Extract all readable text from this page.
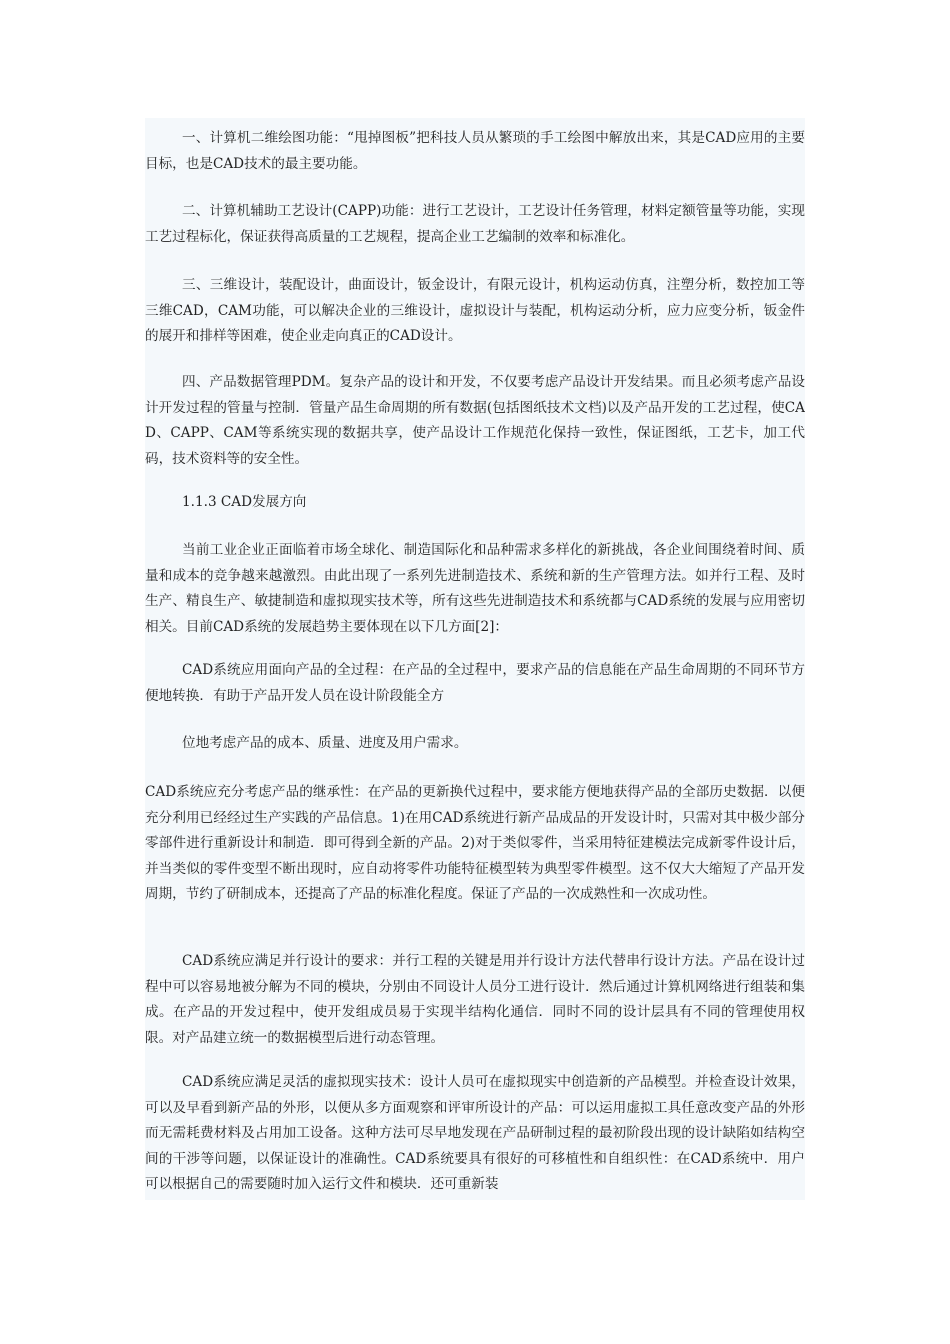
一、计算机二维绘图功能：“甩掉图板”把科技人员从繁琐的手工绘图中解放出来，其是CAD应用的主要目标，也是CAD技术的最主要功能。

二、计算机辅助工艺设计(CAPP)功能：进行工艺设计，工艺设计任务管理，材料定额管量等功能，实现工艺过程标化，保证获得高质量的工艺规程，提高企业工艺编制的效率和标准化。

三、三维设计，装配设计，曲面设计，钣金设计，有限元设计，机构运动仿真，注塑分析，数控加工等三维CAD，CAM功能，可以解决企业的三维设计，虚拟设计与装配，机构运动分析，应力应变分析，钣金件的展开和排样等困难，使企业走向真正的CAD设计。

四、产品数据管理PDM。复杂产品的设计和开发，不仅要考虑产品设计开发结果。而且必须考虑产品设计开发过程的管量与控制．管量产品生命周期的所有数据(包括图纸技术文档)以及产品开发的工艺过程，使CAD、CAPP、CAM等系统实现的数据共享，使产品设计工作规范化保持一致性，保证图纸，工艺卡，加工代码，技术资料等的安全性。

1.1.3 CAD发展方向

当前工业企业正面临着市场全球化、制造国际化和品种需求多样化的新挑战，各企业间围绕着时间、质量和成本的竞争越来越激烈。由此出现了一系列先进制造技术、系统和新的生产管理方法。如并行工程、及时生产、精良生产、敏捷制造和虚拟现实技术等，所有这些先进制造技术和系统都与CAD系统的发展与应用密切相关。目前CAD系统的发展趋势主要体现在以下几方面[2]：

CAD系统应用面向产品的全过程：在产品的全过程中，要求产品的信息能在产品生命周期的不同环节方便地转换．有助于产品开发人员在设计阶段能全方

位地考虑产品的成本、质量、进度及用户需求。

CAD系统应充分考虑产品的继承性：在产品的更新换代过程中，要求能方便地获得产品的全部历史数据．以便充分利用已经经过生产实践的产品信息。1)在用CAD系统进行新产品成品的开发设计时，只需对其中极少部分零部件进行重新设计和制造．即可得到全新的产品。2)对于类似零件，当采用特征建模法完成新零件设计后，并当类似的零件变型不断出现时，应自动将零件功能特征模型转为典型零件模型。这不仅大大缩短了产品开发周期，节约了研制成本，还提高了产品的标准化程度。保证了产品的一次成熟性和一次成功性。

CAD系统应满足并行设计的要求：并行工程的关键是用并行设计方法代替串行设计方法。产品在设计过程中可以容易地被分解为不同的模块，分别由不同设计人员分工进行设计．然后通过计算机网络进行组装和集成。在产品的开发过程中，使开发组成员易于实现半结构化通信．同时不同的设计层具有不同的管理使用权限。对产品建立统一的数据模型后进行动态管理。

CAD系统应满足灵活的虚拟现实技术：设计人员可在虚拟现实中创造新的产品模型。并检查设计效果，可以及早看到新产品的外形，以便从多方面观察和评审所设计的产品：可以运用虚拟工具任意改变产品的外形而无需耗费材料及占用加工设备。这种方法可尽早地发现在产品研制过程的最初阶段出现的设计缺陷如结构空间的干涉等问题，以保证设计的准确性。CAD系统要具有很好的可移植性和自组织性：在CAD系统中．用户可以根据自己的需要随时加入运行文件和模块．还可重新装
